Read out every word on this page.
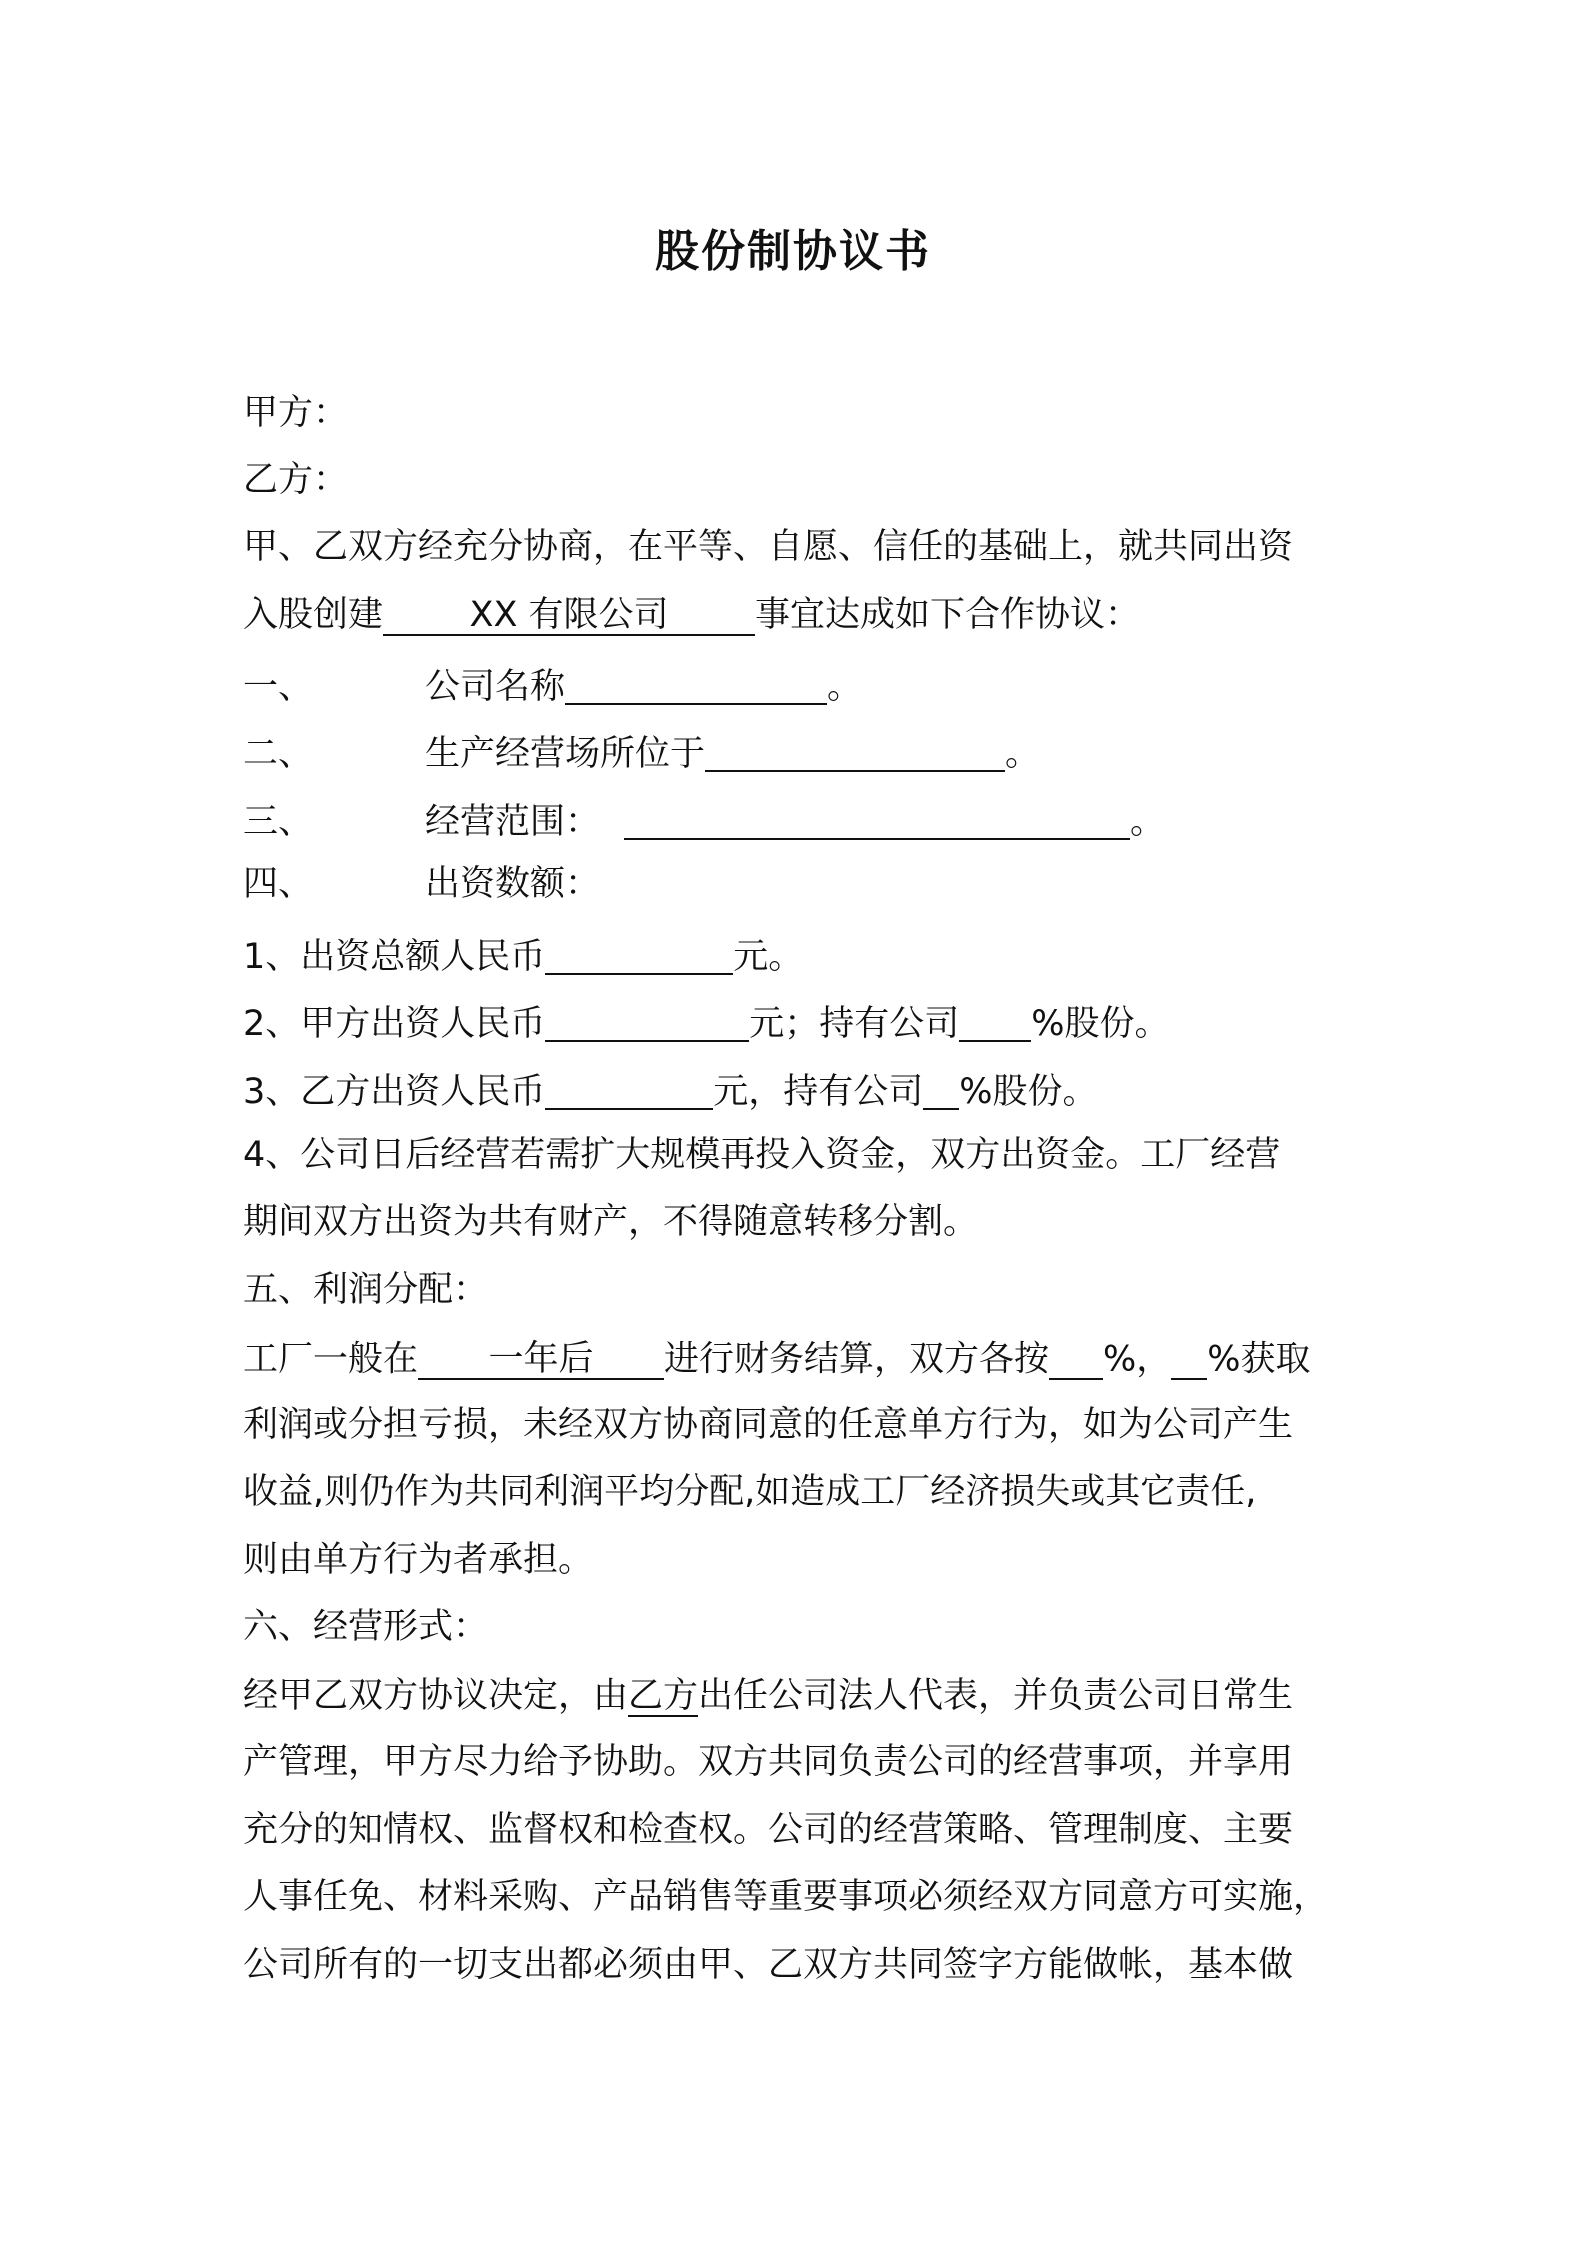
股份制协议书
甲方：
乙方：
甲、乙双方经充分协商，在平等、自愿、信任的基础上，就共同出资
入股创建 XX 有限公司 事宜达成如下合作协议：
一、	公司名称	。
二、	生产经营场所位于	。
三、	经营范围：	。
四、	出资数额：
1、出资总额人民币	元。
2、甲方出资人民币	元；持有公司 %股份。
3、乙方出资人民币	元，持有公司 %股份。
4、公司日后经营若需扩大规模再投入资金，双方出资金。工厂经营
期间双方出资为共有财产，不得随意转移分割。
五、利润分配：
工厂一般在 一年后 进行财务结算，双方各按 %， %获取
利润或分担亏损，未经双方协商同意的任意单方行为，如为公司产生
收益,则仍作为共同利润平均分配,如造成工厂经济损失或其它责任,
则由单方行为者承担。
六、经营形式：
经甲乙双方协议决定，由乙方出任公司法人代表，并负责公司日常生
产管理，甲方尽力给予协助。双方共同负责公司的经营事项，并享用
充分的知情权、监督权和检查权。公司的经营策略、管理制度、主要
人事任免、材料采购、产品销售等重要事项必须经双方同意方可实施，
公司所有的一切支出都必须由甲、乙双方共同签字方能做帐，基本做
